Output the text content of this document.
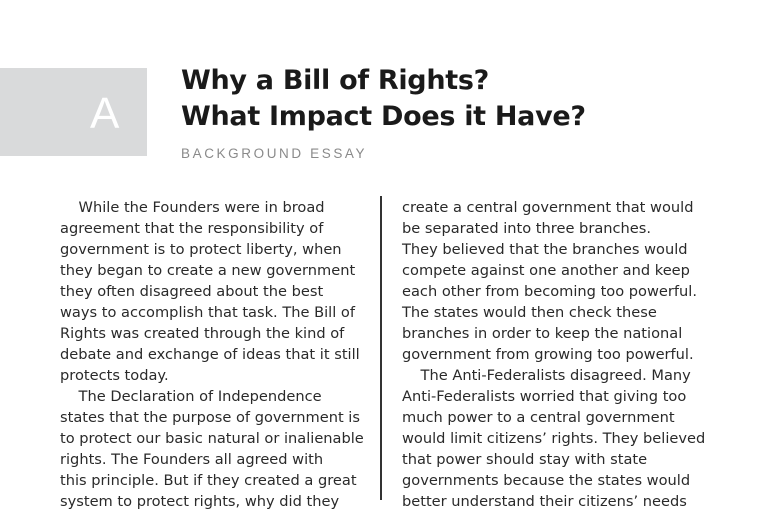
A
Why a Bill of Rights?
What Impact Does it Have?
BACKGROUND ESSAY
While the Founders were in broad
agreement that the responsibility of
government is to protect liberty, when
they began to create a new government
they often disagreed about the best
ways to accomplish that task. The Bill of
Rights was created through the kind of
debate and exchange of ideas that it still
protects today.
The Declaration of Independence
states that the purpose of government is
to protect our basic natural or inalienable
rights. The Founders all agreed with
this principle. But if they created a great
system to protect rights, why did they
create a central government that would
be separated into three branches.
They believed that the branches would
compete against one another and keep
each other from becoming too powerful.
The states would then check these
branches in order to keep the national
government from growing too powerful.
The Anti-Federalists disagreed. Many
Anti-Federalists worried that giving too
much power to a central government
would limit citizens’ rights. They believed
that power should stay with state
governments because the states would
better understand their citizens’ needs
